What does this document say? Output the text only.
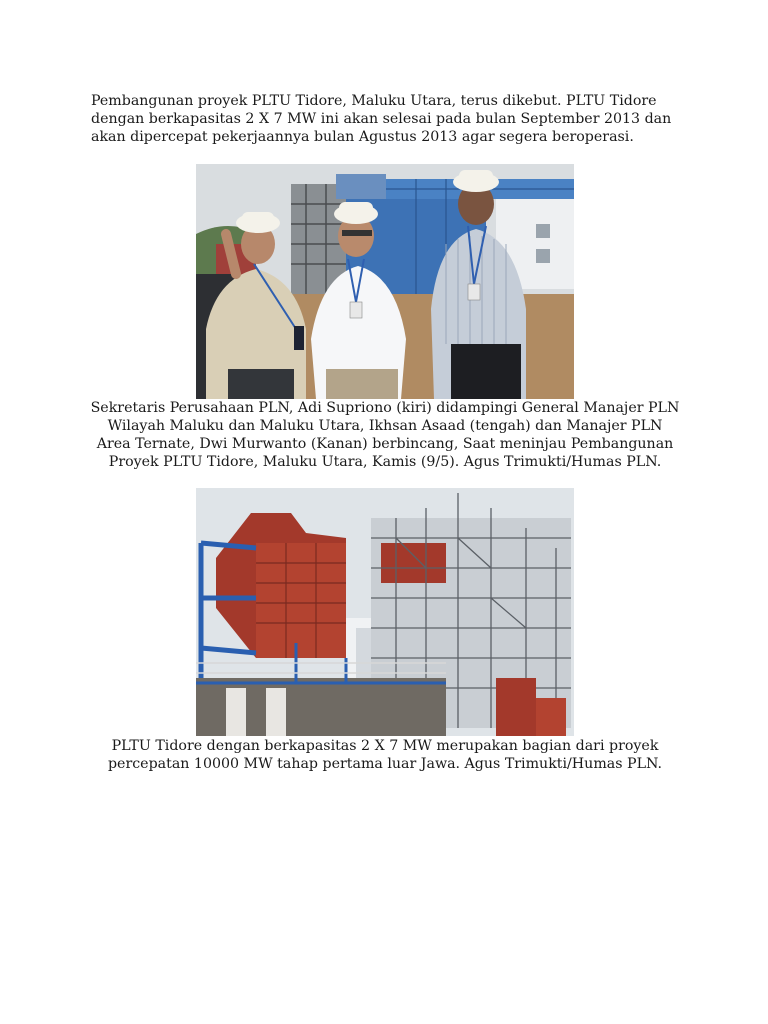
Pembangunan proyek PLTU Tidore, Maluku Utara, terus dikebut. PLTU Tidore dengan berkapasitas 2 X 7 MW ini akan selesai pada bulan September 2013 dan akan dipercepat pekerjaannya bulan Agustus 2013 agar segera beroperasi.

Sekretaris Perusahaan PLN, Adi Supriono (kiri) didampingi General Manajer PLN Wilayah Maluku dan Maluku Utara, Ikhsan Asaad (tengah) dan Manajer PLN Area Ternate, Dwi Murwanto (Kanan) berbincang, Saat meninjau Pembangunan Proyek PLTU Tidore, Maluku Utara, Kamis (9/5). Agus Trimukti/Humas PLN.

PLTU Tidore dengan berkapasitas 2 X 7 MW merupakan bagian dari proyek percepatan 10000 MW tahap pertama luar Jawa. Agus Trimukti/Humas PLN.
